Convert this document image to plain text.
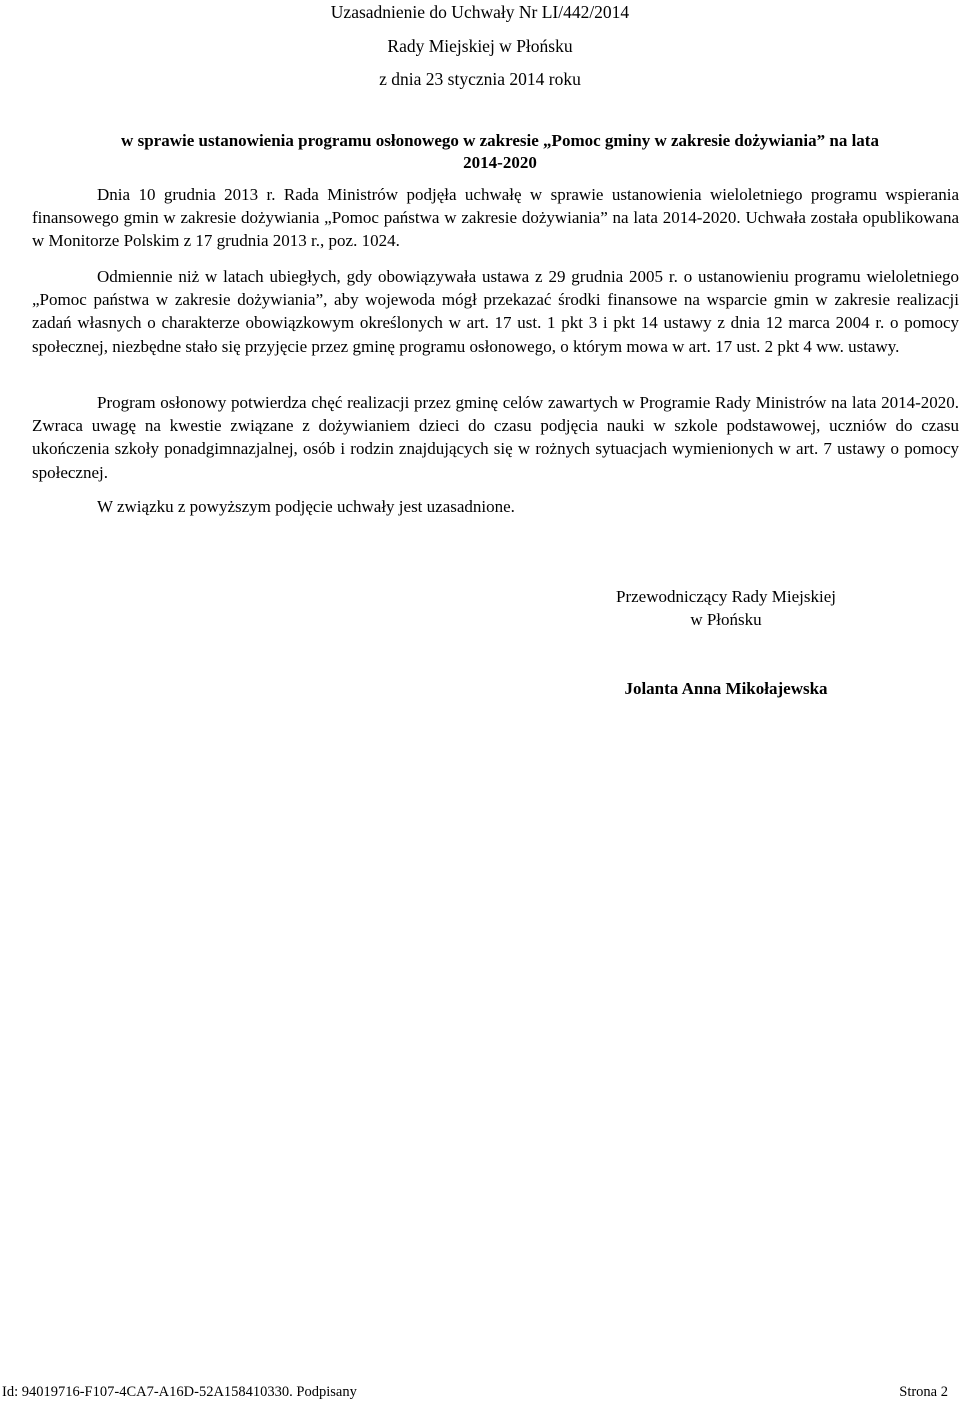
Uzasadnienie do Uchwały Nr LI/442/2014
Rady Miejskiej w Płońsku
z dnia 23 stycznia 2014 roku
w sprawie ustanowienia programu osłonowego w zakresie „Pomoc gminy w zakresie dożywiania” na lata
2014-2020

Dnia 10 grudnia 2013 r. Rada Ministrów podjęła uchwałę w sprawie ustanowienia wieloletniego programu wspierania finansowego gmin w zakresie dożywiania „Pomoc państwa w zakresie dożywiania” na lata 2014-2020. Uchwała została opublikowana w Monitorze Polskim z 17 grudnia 2013 r., poz. 1024.

Odmiennie niż w latach ubiegłych, gdy obowiązywała ustawa z 29 grudnia 2005 r. o ustanowieniu programu wieloletniego „Pomoc państwa w zakresie dożywiania”, aby wojewoda mógł przekazać środki finansowe na wsparcie gmin w zakresie realizacji zadań własnych o charakterze obowiązkowym określonych w art. 17 ust. 1 pkt 3 i pkt 14 ustawy z dnia 12 marca 2004 r. o pomocy społecznej, niezbędne stało się przyjęcie przez gminę programu osłonowego, o którym mowa w art. 17 ust. 2 pkt 4 ww. ustawy.

Program osłonowy potwierdza chęć realizacji przez gminę celów zawartych w Programie Rady Ministrów na lata 2014-2020. Zwraca uwagę na kwestie związane z dożywianiem dzieci do czasu podjęcia nauki w szkole podstawowej, uczniów do czasu ukończenia szkoły ponadgimnazjalnej, osób i rodzin znajdujących się w rożnych sytuacjach wymienionych w art. 7 ustawy o pomocy społecznej.

W związku z powyższym podjęcie uchwały jest uzasadnione.

Przewodniczący Rady Miejskiej
w Płońsku
Jolanta Anna Mikołajewska
Id: 94019716-F107-4CA7-A16D-52A158410330. Podpisany	Strona 2
